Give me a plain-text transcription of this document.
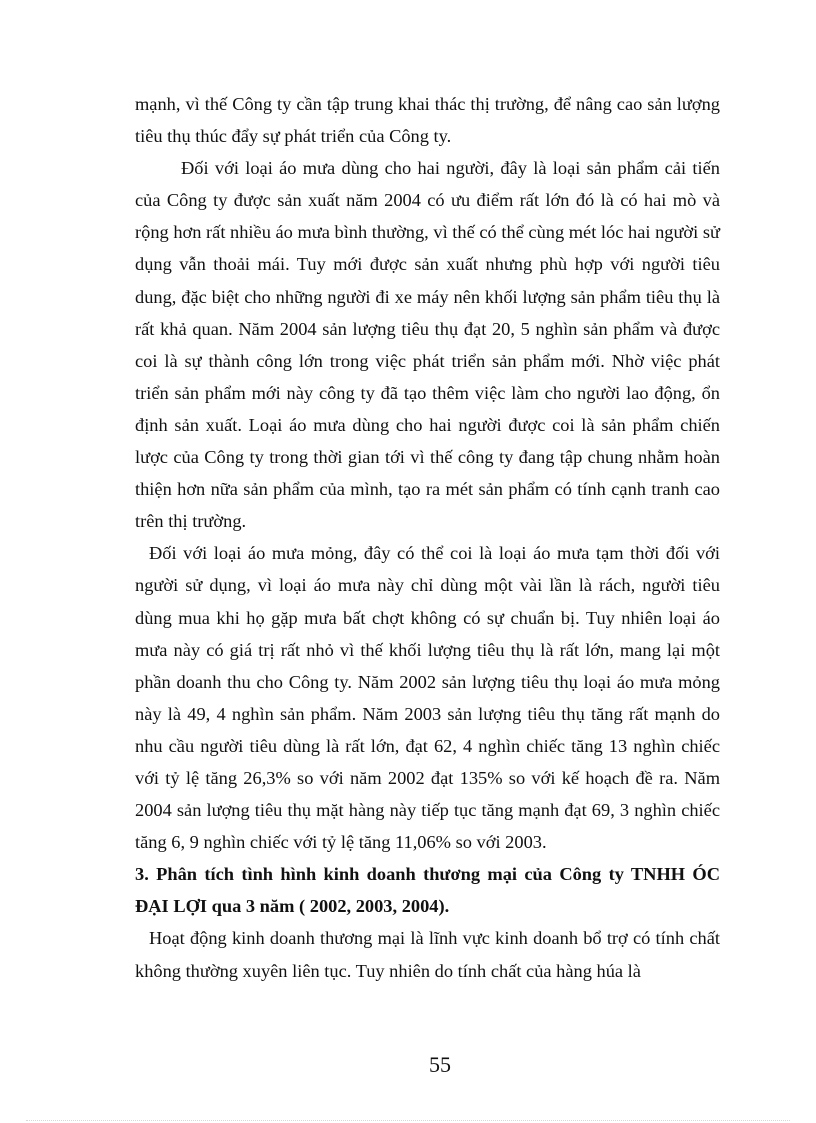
mạnh, vì thế Công ty cần tập trung khai thác thị trường, để nâng cao sản lượng tiêu thụ thúc đẩy sự phát triển của Công ty.

Đối với loại áo mưa dùng cho hai người, đây là loại sản phẩm cải tiến của Công ty được sản xuất năm 2004 có ưu điểm rất lớn đó là có hai mò và rộng hơn rất nhiều áo mưa bình thường, vì thế có thể cùng mét lóc hai người sử dụng vẫn thoải mái. Tuy mới được sản xuất nhưng phù hợp với người tiêu dung, đặc biệt cho những người đi xe máy nên khối lượng sản phẩm tiêu thụ là rất khả quan. Năm 2004 sản lượng tiêu thụ đạt 20, 5 nghìn sản phẩm và được coi là sự thành công lớn trong việc phát triển sản phẩm mới. Nhờ việc phát triển sản phẩm mới này công ty đã tạo thêm việc làm cho người lao động, ổn định sản xuất. Loại áo mưa dùng cho hai người được coi là sản phẩm chiến lược của Công ty trong thời gian tới vì thế công ty đang tập chung nhằm hoàn thiện hơn nữa sản phẩm của mình, tạo ra mét sản phẩm có tính cạnh tranh cao trên thị trường.

Đối với loại áo mưa mỏng, đây có thể coi là loại áo mưa tạm thời đối với người sử dụng, vì loại áo mưa này chỉ dùng một vài lần là rách, người tiêu dùng mua khi họ gặp mưa bất chợt không có sự chuẩn bị. Tuy nhiên loại áo mưa này có giá trị rất nhỏ vì thế khối lượng tiêu thụ là rất lớn, mang lại một phần doanh thu cho Công ty. Năm 2002 sản lượng tiêu thụ loại áo mưa mỏng này là 49, 4 nghìn sản phẩm. Năm 2003 sản lượng tiêu thụ tăng rất mạnh do nhu cầu người tiêu dùng là rất lớn, đạt 62, 4 nghìn chiếc tăng 13 nghìn chiếc với tỷ lệ tăng 26,3% so với năm 2002 đạt 135% so với kế hoạch đề ra. Năm 2004 sản lượng tiêu thụ mặt hàng này tiếp tục tăng mạnh đạt 69, 3 nghìn chiếc tăng 6, 9 nghìn chiếc với tỷ lệ tăng 11,06% so với 2003.

3. Phân tích tình hình kinh doanh thương mại của Công ty TNHH ÓC ĐẠI LỢI qua 3 năm ( 2002, 2003, 2004).

Hoạt động kinh doanh thương mại là lĩnh vực kinh doanh bổ trợ có tính chất không thường xuyên liên tục. Tuy nhiên do tính chất của hàng húa là

55
